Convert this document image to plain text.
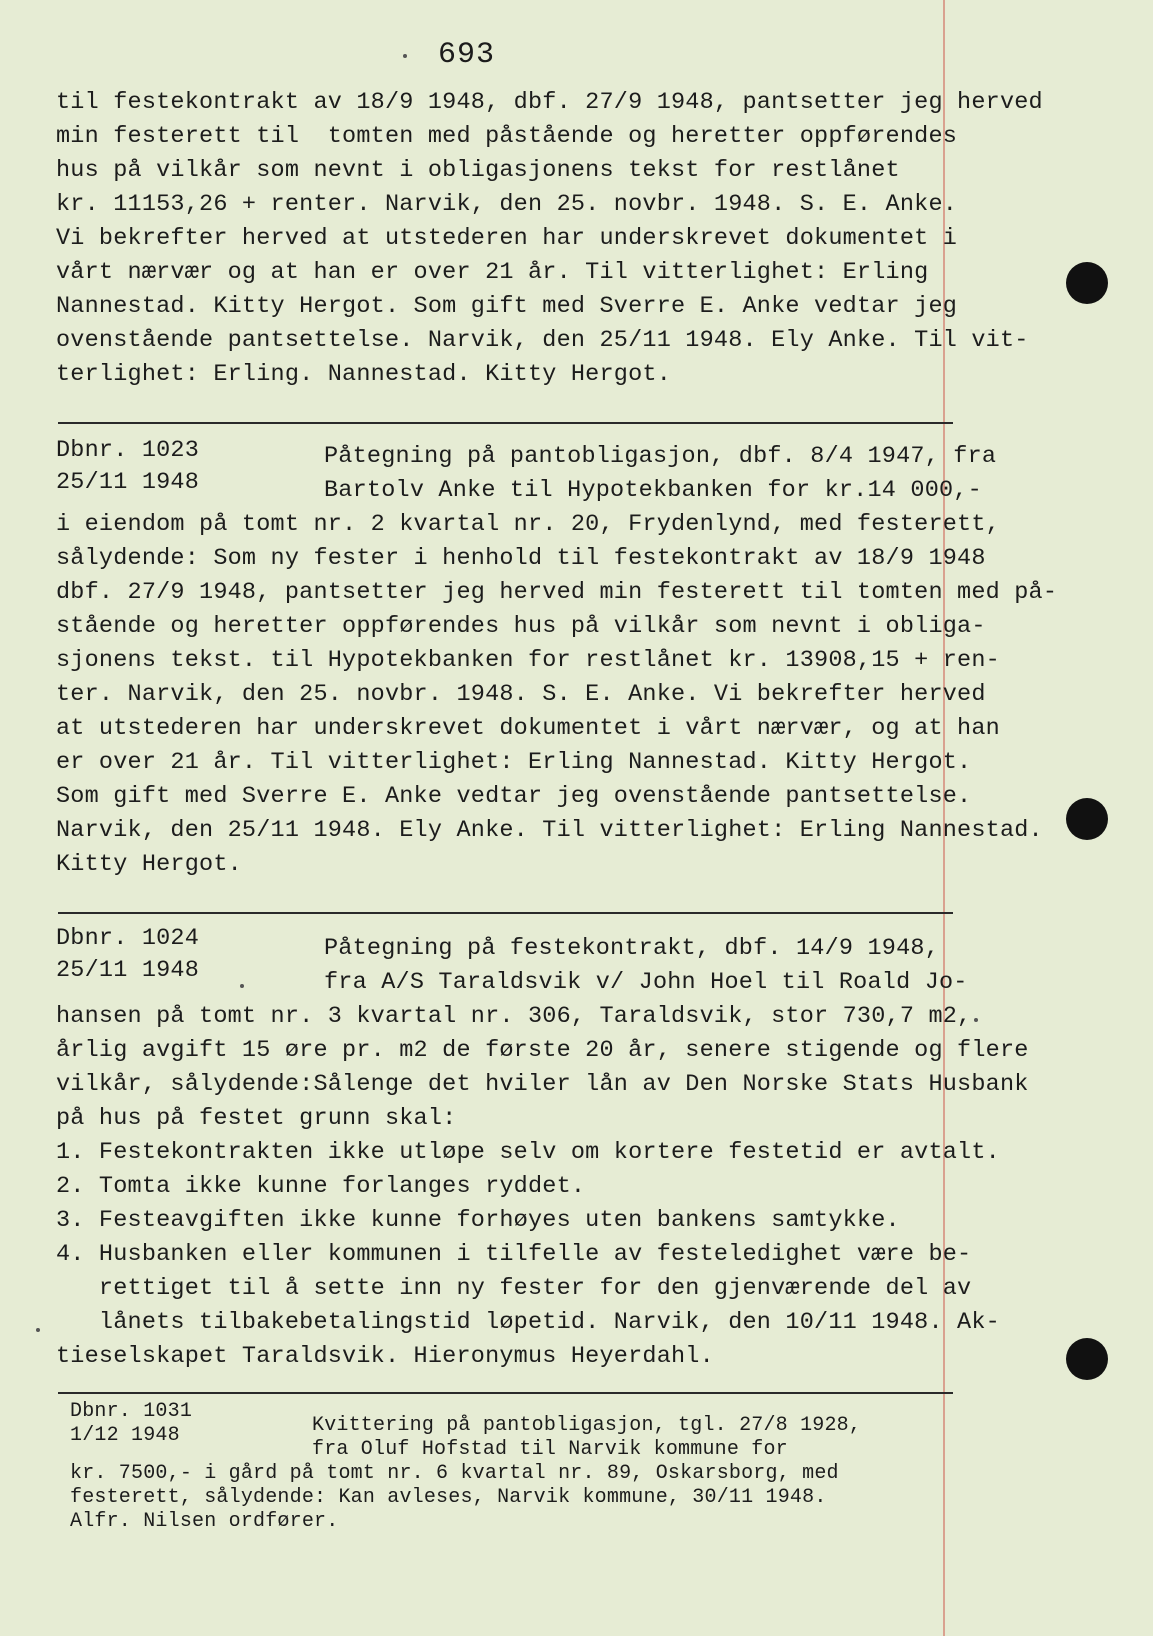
693
til festekontrakt av 18/9 1948, dbf. 27/9 1948, pantsetter jeg herved
min festerett til  tomten med påstående og heretter oppførendes
hus på vilkår som nevnt i obligasjonens tekst for restlånet
kr. 11153,26 + renter. Narvik, den 25. novbr. 1948. S. E. Anke.
Vi bekrefter herved at utstederen har underskrevet dokumentet i
vårt nærvær og at han er over 21 år. Til vitterlighet: Erling
Nannestad. Kitty Hergot. Som gift med Sverre E. Anke vedtar jeg
ovenstående pantsettelse. Narvik, den 25/11 1948. Ely Anke. Til vit-
terlighet: Erling. Nannestad. Kitty Hergot.
Dbnr. 1023
25/11 1948
Påtegning på pantobligasjon, dbf. 8/4 1947, fra
Bartolv Anke til Hypotekbanken for kr.14 000,-
i eiendom på tomt nr. 2 kvartal nr. 20, Frydenlynd, med festerett,
sålydende: Som ny fester i henhold til festekontrakt av 18/9 1948
dbf. 27/9 1948, pantsetter jeg herved min festerett til tomten med på-
stående og heretter oppførendes hus på vilkår som nevnt i obliga-
sjonens tekst. til Hypotekbanken for restlånet kr. 13908,15 + ren-
ter. Narvik, den 25. novbr. 1948. S. E. Anke. Vi bekrefter herved
at utstederen har underskrevet dokumentet i vårt nærvær, og at han
er over 21 år. Til vitterlighet: Erling Nannestad. Kitty Hergot.
Som gift med Sverre E. Anke vedtar jeg ovenstående pantsettelse.
Narvik, den 25/11 1948. Ely Anke. Til vitterlighet: Erling Nannestad.
Kitty Hergot.
Dbnr. 1024
25/11 1948
Påtegning på festekontrakt, dbf. 14/9 1948,
fra A/S Taraldsvik v/ John Hoel til Roald Jo-
hansen på tomt nr. 3 kvartal nr. 306, Taraldsvik, stor 730,7 m2,
årlig avgift 15 øre pr. m2 de første 20 år, senere stigende og flere
vilkår, sålydende:Sålenge det hviler lån av Den Norske Stats Husbank
på hus på festet grunn skal:
1. Festekontrakten ikke utløpe selv om kortere festetid er avtalt.
2. Tomta ikke kunne forlanges ryddet.
3. Festeavgiften ikke kunne forhøyes uten bankens samtykke.
4. Husbanken eller kommunen i tilfelle av festeledighet være be-
rettiget til å sette inn ny fester for den gjenværende del av
lånets tilbakebetalingstid løpetid. Narvik, den 10/11 1948. Ak-
tieselskapet Taraldsvik. Hieronymus Heyerdahl.
Dbnr. 1031
1/12 1948	Kvittering på pantobligasjon, tgl. 27/8 1928,
fra Oluf Hofstad til Narvik kommune for
kr. 7500,- i gård på tomt nr. 6 kvartal nr. 89, Oskarsborg, med
festerett, sålydende: Kan avleses, Narvik kommune, 30/11 1948.
Alfr. Nilsen ordfører.
